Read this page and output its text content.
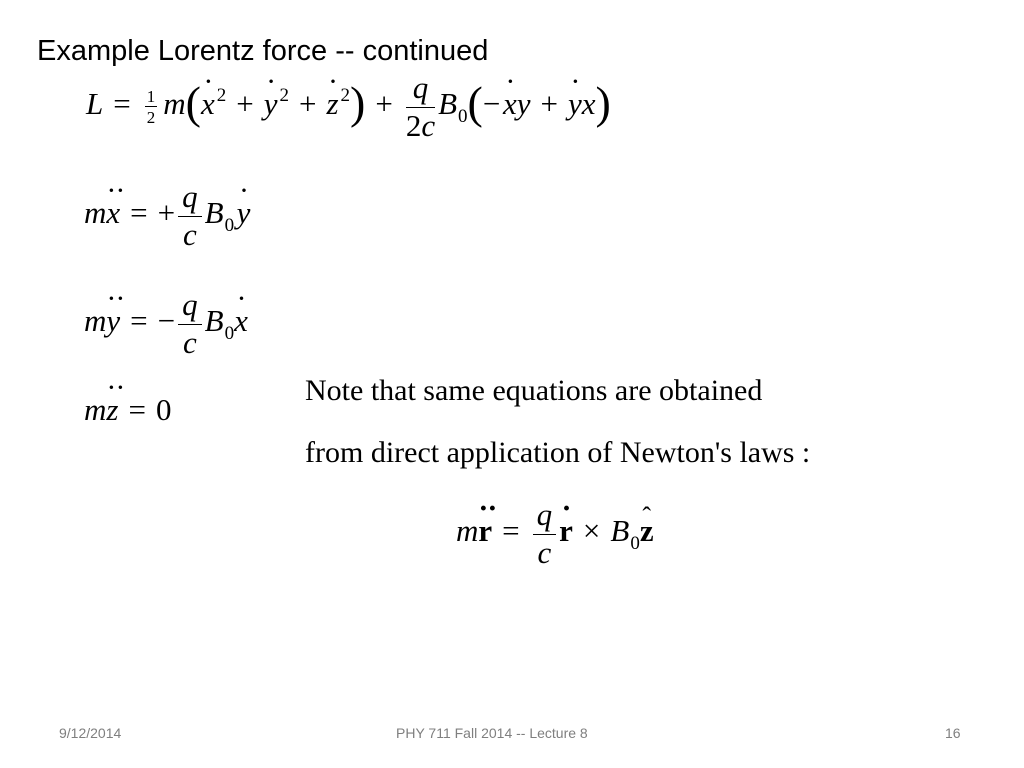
Example Lorentz force -- continued
$L = \frac{1}{2} m(\cdot x$ $^2$ +· y $^2$ +· z $^2) + \frac{q}{2c} B_0(-$ · xy +· yx)
m·· x = + $\frac{q}{c} B_0$ · y
m·· y = − $\frac{q}{c} B_0\cdot x$
m·· z = 0
Note that same equations are obtained
from direct application of Newton's laws :
$m\cdot\cdot r = \frac{q}{c}$
· $r \times B_0ˆ$ z
9/12/2014	PHY 711 Fall 2014 -- Lecture 8	16
